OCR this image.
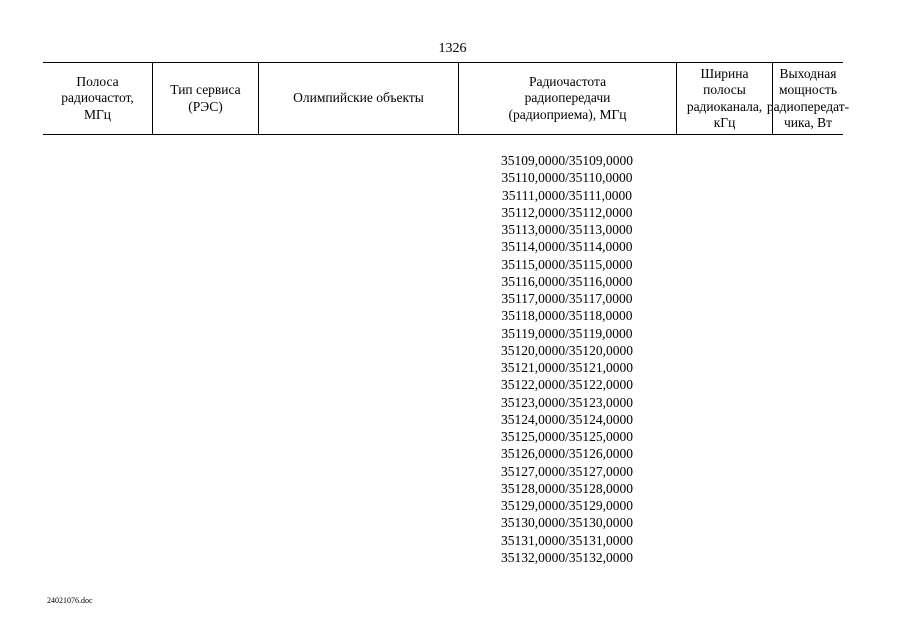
1326
Полоса
радиочастот,
МГц
Тип сервиса
(РЭС)
Олимпийские объекты
Радиочастота
радиопередачи
(радиоприема), МГц
Ширина
полосы
радиоканала,
кГц
Выходная
мощность
радиопередат-
чика, Вт
35109,0000/35109,0000
35110,0000/35110,0000
35111,0000/35111,0000
35112,0000/35112,0000
35113,0000/35113,0000
35114,0000/35114,0000
35115,0000/35115,0000
35116,0000/35116,0000
35117,0000/35117,0000
35118,0000/35118,0000
35119,0000/35119,0000
35120,0000/35120,0000
35121,0000/35121,0000
35122,0000/35122,0000
35123,0000/35123,0000
35124,0000/35124,0000
35125,0000/35125,0000
35126,0000/35126,0000
35127,0000/35127,0000
35128,0000/35128,0000
35129,0000/35129,0000
35130,0000/35130,0000
35131,0000/35131,0000
35132,0000/35132,0000
24021076.doc
